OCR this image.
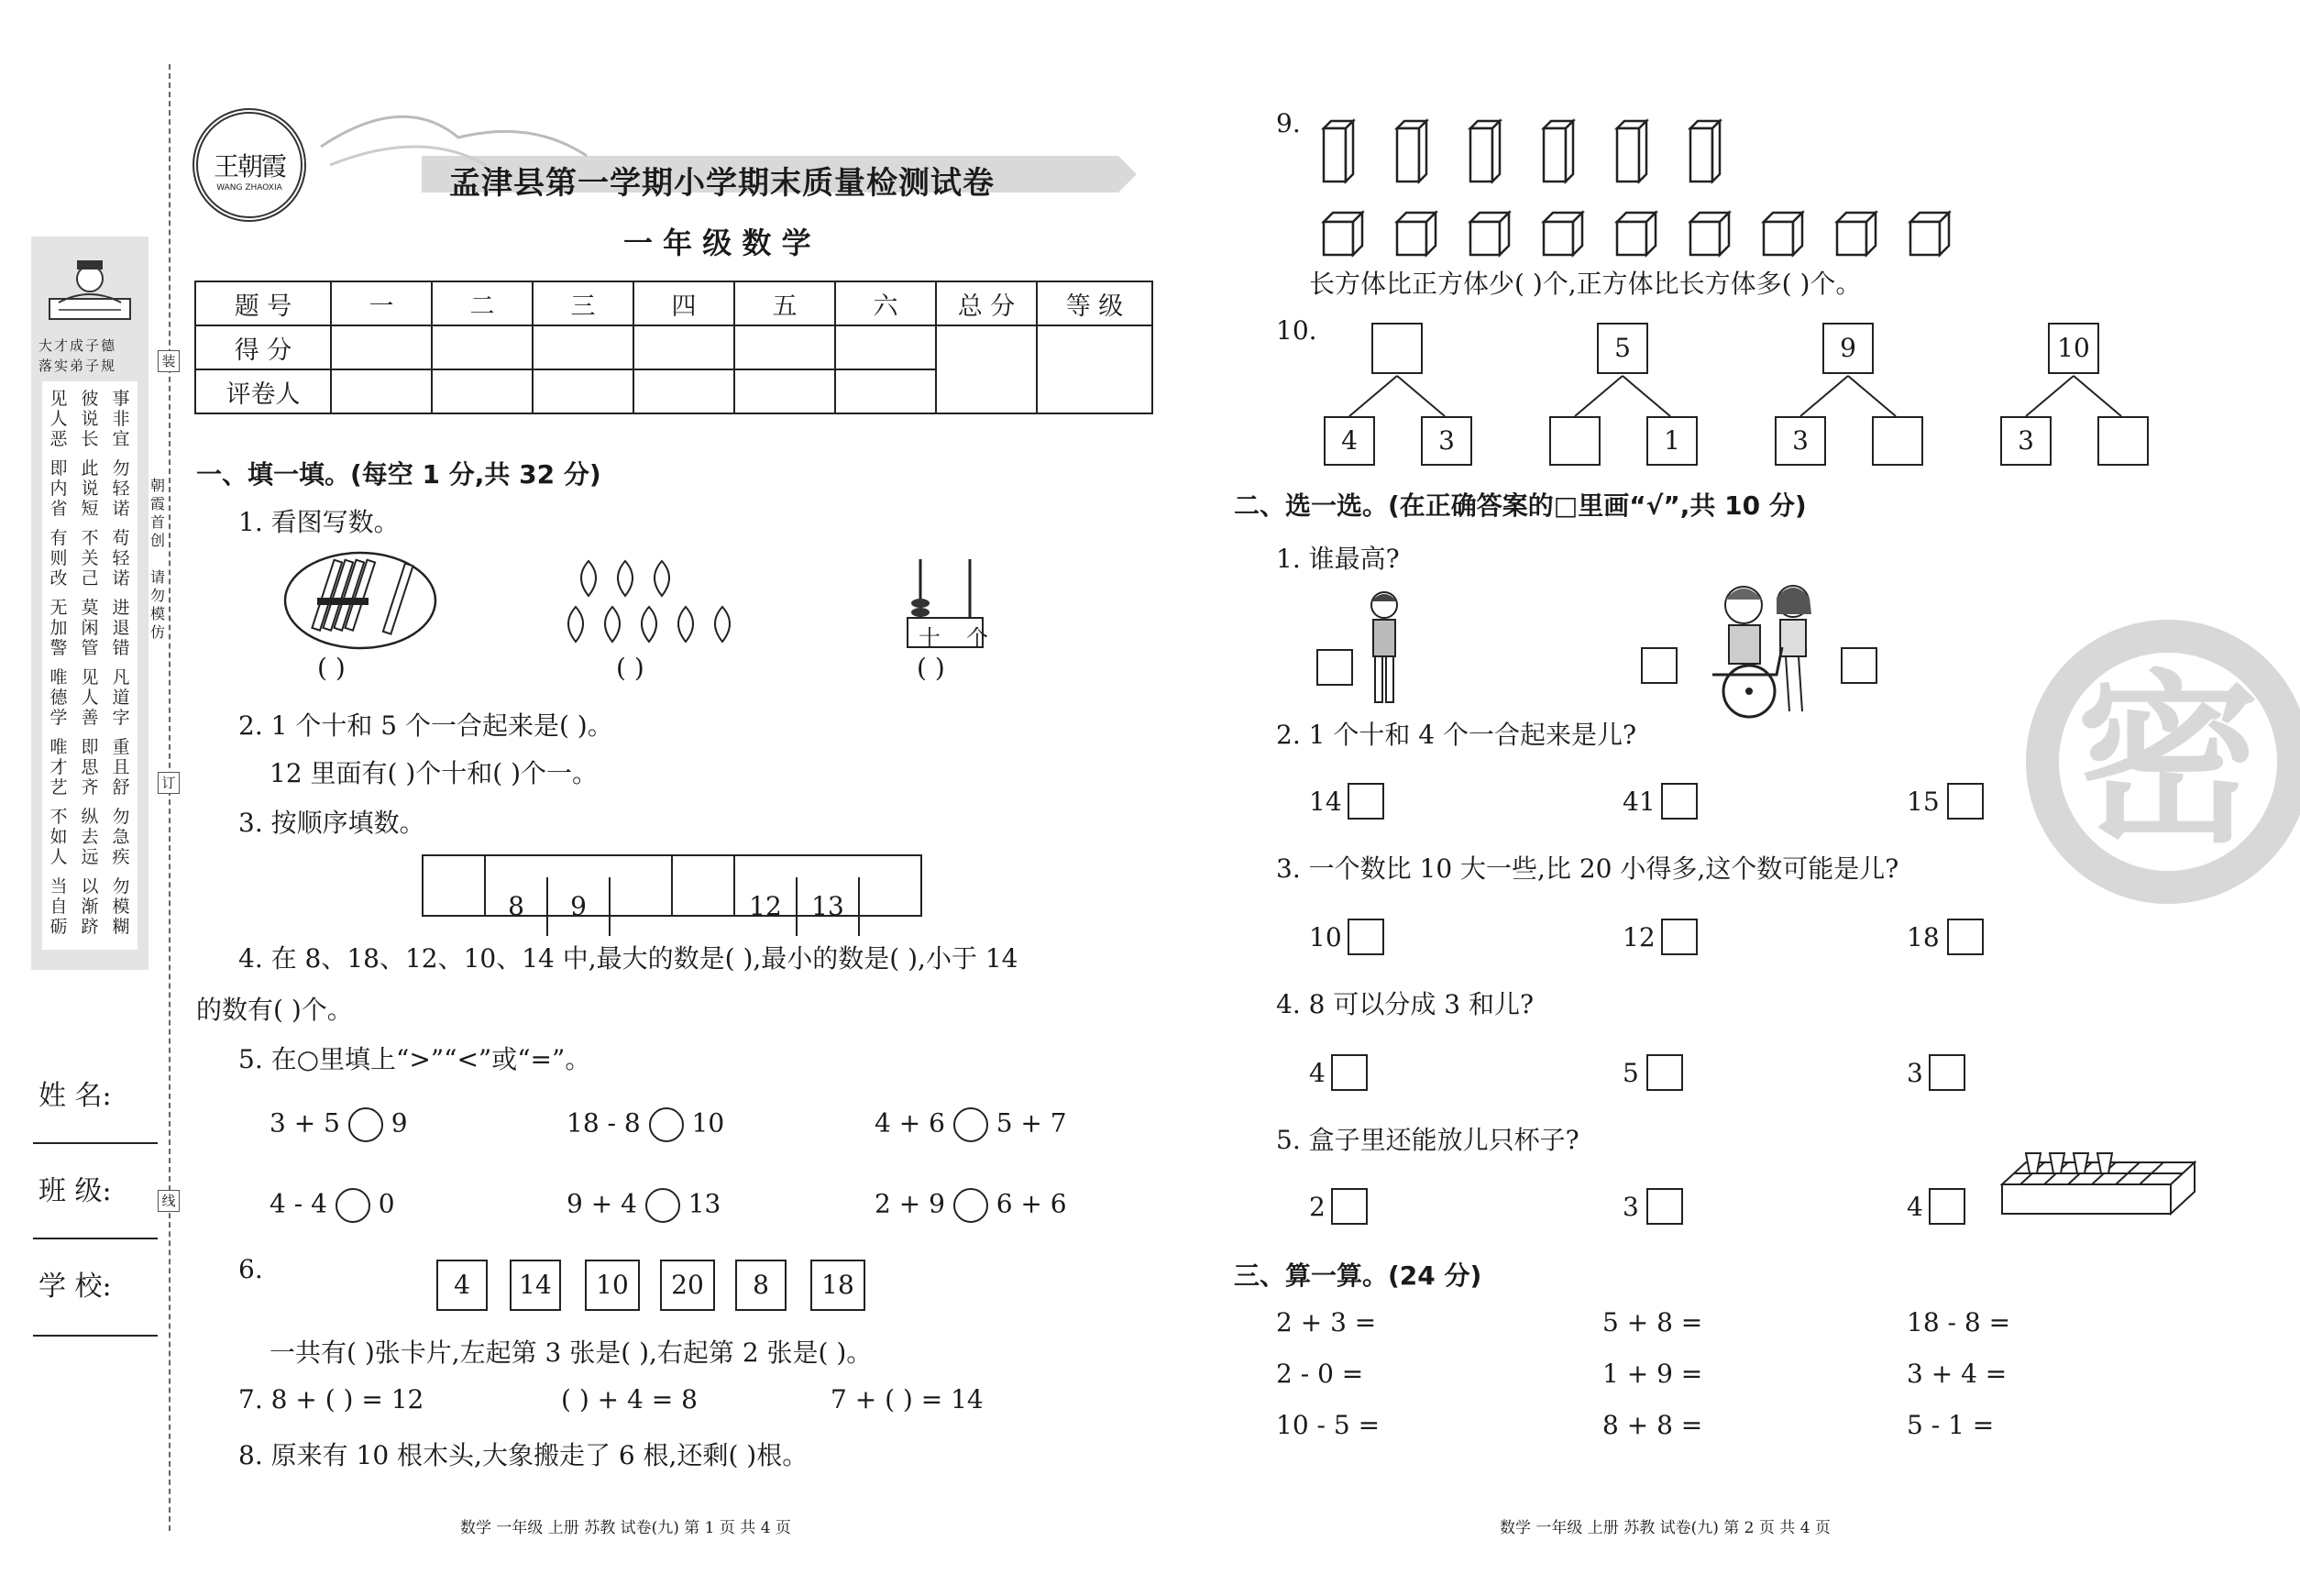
装
订
线
朝霞首创
请勿模仿
大才成子德
落实弟子规
见人恶
彼说长
事非宜
即内省
此说短
勿轻诺
有则改
不关己
苟轻诺
无加警
莫闲管
进退错
唯德学
见人善
凡道字
唯才艺
即思齐
重且舒
不如人
纵去远
勿急疾
当自砺
以渐跻
勿模糊
姓 名:
班 级:
学 校:
王朝霞
WANG ZHAOXIA	孟津县第一学期小学期末质量检测试卷
一 年 级 数 学
题 号	一	二	三	四	五	六	总 分	等 级
得 分								
评卷人								
一、填一填。(每空 1 分,共 32 分)
1. 看图写数。
( )	( )
十 个
( )
2. 1 个十和 5 个一合起来是( )。
12 里面有( )个十和( )个一。
3. 按顺序填数。
8 9	12 13
4. 在 8、18、12、10、14 中,最大的数是( ),最小的数是( ),小于 14
的数有( )个。
5. 在○里填上“>”“<”或“=”。
3 + 5 9	18 - 8 10	4 + 6 5 + 7
4 - 4 0	9 + 4 13	2 + 9 6 + 6
6.
4	14	10	20	8	18
一共有( )张卡片,左起第 3 张是( ),右起第 2 张是( )。
7. 8 + ( ) = 12	( ) + 4 = 8	7 + ( ) = 14
8. 原来有 10 根木头,大象搬走了 6 根,还剩( )根。
数学 一年级 上册 苏教 试卷(九) 第 1 页 共 4 页
密
9.
长方体比正方体少( )个,正方体比长方体多( )个。
10.
4	3
5
1
9
3
10
3
二、选一选。(在正确答案的□里画“√”,共 10 分)
1. 谁最高?
2. 1 个十和 4 个一合起来是儿?
14	41	15
3. 一个数比 10 大一些,比 20 小得多,这个数可能是儿?
10	12	18
4. 8 可以分成 3 和儿?
4	5	3
5. 盒子里还能放儿只杯子?
2	3	4
三、算一算。(24 分)
2 + 3 =	5 + 8 =	18 - 8 =
2 - 0 =	1 + 9 =	3 + 4 =
10 - 5 =	8 + 8 =	5 - 1 =
数学 一年级 上册 苏教 试卷(九) 第 2 页 共 4 页
